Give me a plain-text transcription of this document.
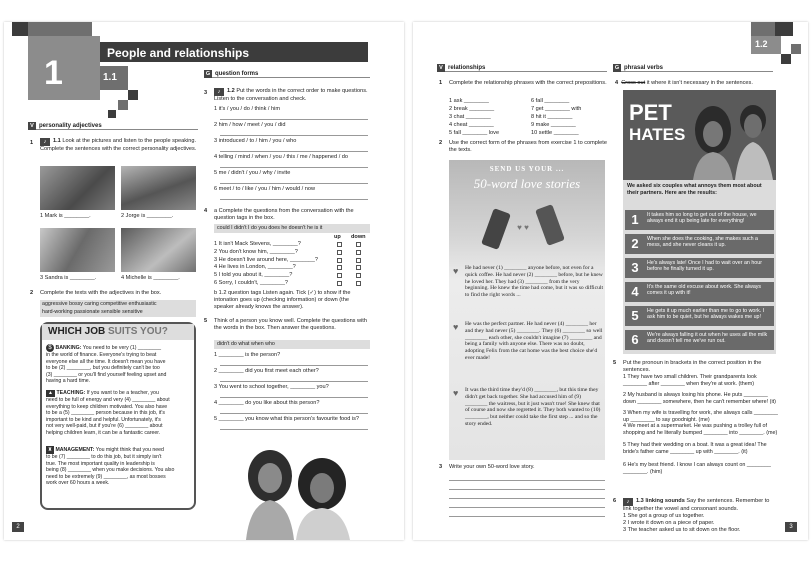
1
People and relationships
1.1
V personality adjectives
1	♪ 1.1 Look at the pictures and listen to the people speaking. Complete the sentences with the correct personality adjectives.
1 Mark is ________.	2 Jorge is ________.
3 Sandra is ________.	4 Michelle is ________.
2 Complete the texts with the adjectives in the box.
aggressive bossy caring competitive enthusiastic
hard-working passionate sensible sensitive
WHICH JOB SUITS YOU?
$ BANKING: You need to be very (1) ________
in the world of finance. Everyone's trying to beat
everyone else all the time. It doesn't mean you have
to be (2) ________, but you definitely can't be too
(3) ________ or you'll find yourself feeling upset and
having a hard time.
▲ TEACHING: If you want to be a teacher, you
need to be full of energy and very (4) ________ about
everything to keep children motivated. You also have
to be a (5) ________ person because in this job, it's
important to be kind and helpful. Unfortunately, it's
not very well-paid, but if you're (6) ________ about
helping children learn, it can be a fantastic career.
♜ MANAGEMENT: You might think that you need
to be (7) ________ to do this job, but it simply isn't
true. The most important quality in leadership is
being (8) ________ when you make decisions. You also
need to be extremely (9) ________, as most bosses
work over 60 hours a week.
G question forms
3	♪ 1.2 Put the words in the correct order to make questions. Listen to the conversation and check.
1 it's / you / do / think / him
2 him / how / meet / you / did
3 introduced / to / him / you / who
4 telling / mind / when / you / this / me / happened / do
5 me / didn't / you / why / invite
6 meet / to / like / you / him / would / now
4 a Complete the questions from the conversation with the question tags in the box.
could I didn't I do you does he doesn't he is it
up down
1 It isn't Mack Stevens, ________?
2 You don't know him, ________?
3 He doesn't live around here, ________?
4 He lives in London, ________?
5 I told you about it, ________?
6 Sorry, I couldn't, ________?
b 1.2 question tags Listen again. Tick (✓) to show if the intonation goes up (checking information) or down (the speaker already knows the answer).
5 Think of a person you know well. Complete the questions with the words in the box. Then answer the questions.
didn't do what when who
1 ________ is the person?
2 ________ did you first meet each other?
3 You went to school together, ________ you?
4 ________ do you like about this person?
5 ________ you know what this person's favourite food is?
2
1.2
V relationships
1 Complete the relationship phrases with the correct prepositions.
1 ask ________
2 break ________
3 chat ________
4 cheat ________
5 fall ________ love
6 fall ________
7 get ________ with
8 hit it ________
9 make ________
10 settle ________
2 Use the correct form of the phrases from exercise 1 to complete the texts.
SEND US YOUR ...
50-word love stories
♥ ♥
♥ He had never (1) ________ anyone before, not even for a quick coffee. He had never (2) ________ before, but he knew he loved her. They had (3) ________ from the very beginning. He knew the time had come, but it was so difficult to find the right words ...
♥ He was the perfect partner. He had never (4) ________ her and they had never (5) ________. They (6) ________ so well ________ each other, she couldn't imagine (7) ________ and being a family with anyone else. There was no doubt, adopting Felix from the cat home was the best choice she'd ever made!
♥ It was the third time they'd (8) ________, but this time they didn't get back together. She had accused him of (9) ________ the waitress, but it just wasn't true! She knew that of course and now she regretted it. They both wanted to (10) ________, but neither could take the first step ... and so the story ended.
3 Write your own 50-word love story.
G phrasal verbs
4 Cross out it where it isn't necessary in the sentences.
PET
HATES
We asked six couples what annoys them most about their partners. Here are the results:
1	It takes him so long to get out of the house, we always end it up being late for everything!
2	When she does the cooking, she makes such a mess, and she never cleans it up.
3	He's always late! Once I had to wait over an hour before he finally turned it up.
4	It's the same old excuse about work. She always comes it up with it!
5	He gets it up much earlier than me to go to work. I ask him to be quiet, but he always wakes me up!
6	We're always falling it out when he uses all the milk and doesn't tell me we've run out.
5 Put the pronoun in brackets in the correct position in the sentences.
1 They have two small children. Their grandparents look ________ after ________ when they're at work. (them)
2 My husband is always losing his phone. He puts ________ down ________ somewhere, then he can't remember where! (it)
3 When my wife is travelling for work, she always calls ________ up ________ to say goodnight. (me)
4 We meet at a supermarket. He was pushing a trolley full of shopping and he literally bumped ________ into ________. (me)
5 They had their wedding on a boat. It was a great idea! The bride's father came ________ up with ________. (it)
6 He's my best friend. I know I can always count on ________ ________. (him)
6	♪ 1.3 linking sounds Say the sentences. Remember to link together the vowel and consonant sounds.
1 She got a group of us together.
2 I wrote it down on a piece of paper.
3 The teacher asked us to sit down on the floor.	3
